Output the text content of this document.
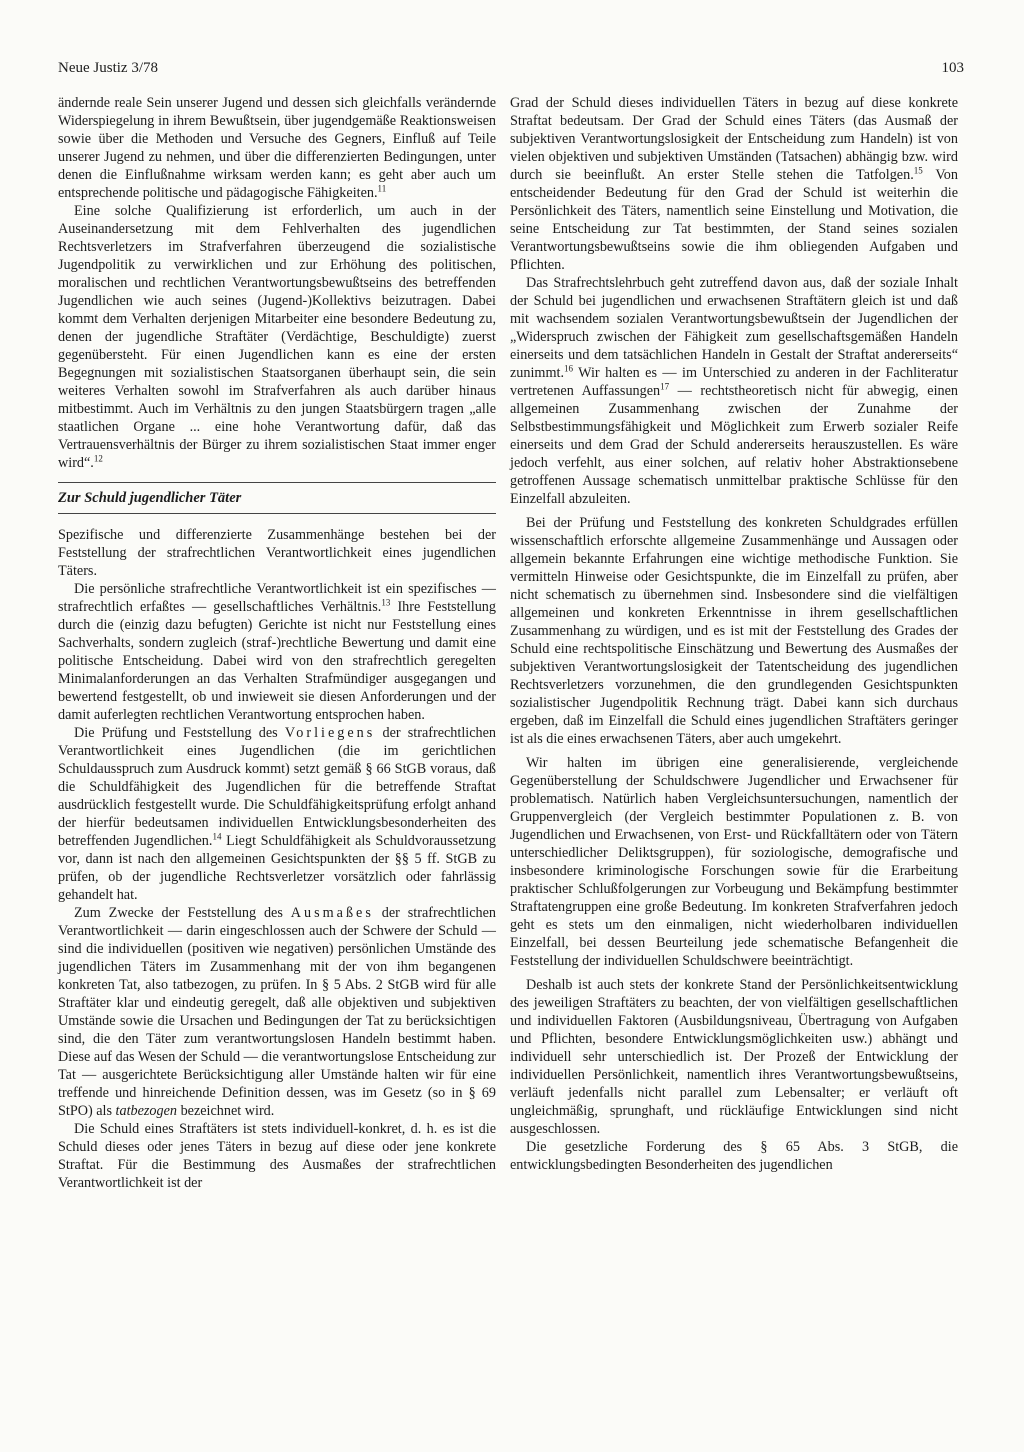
Neue Justiz 3/78	103

ändernde reale Sein unserer Jugend und dessen sich gleichfalls verändernde Widerspiegelung in ihrem Bewußtsein, über jugendgemäße Reaktionsweisen sowie über die Methoden und Versuche des Gegners, Einfluß auf Teile unserer Jugend zu nehmen, und über die differenzierten Bedingungen, unter denen die Einflußnahme wirksam werden kann; es geht aber auch um entsprechende politische und pädagogische Fähigkeiten.$^{11}$

Eine solche Qualifizierung ist erforderlich, um auch in der Auseinandersetzung mit dem Fehlverhalten des jugendlichen Rechtsverletzers im Strafverfahren überzeugend die sozialistische Jugendpolitik zu verwirklichen und zur Erhöhung des politischen, moralischen und rechtlichen Verantwortungsbewußtseins des betreffenden Jugendlichen wie auch seines (Jugend-)Kollektivs beizutragen. Dabei kommt dem Verhalten derjenigen Mitarbeiter eine besondere Bedeutung zu, denen der jugendliche Straftäter (Verdächtige, Beschuldigte) zuerst gegenübersteht. Für einen Jugendlichen kann es eine der ersten Begegnungen mit sozialistischen Staatsorganen überhaupt sein, die sein weiteres Verhalten sowohl im Strafverfahren als auch darüber hinaus mitbestimmt. Auch im Verhältnis zu den jungen Staatsbürgern tragen „alle staatlichen Organe ... eine hohe Verantwortung dafür, daß das Vertrauensverhältnis der Bürger zu ihrem sozialistischen Staat immer enger wird“.$^{12}$

Zur Schuld jugendlicher Täter

Spezifische und differenzierte Zusammenhänge bestehen bei der Feststellung der strafrechtlichen Verantwortlichkeit eines jugendlichen Täters.

Die persönliche strafrechtliche Verantwortlichkeit ist ein spezifisches — strafrechtlich erfaßtes — gesellschaftliches Verhältnis.$^{13}$ Ihre Feststellung durch die (einzig dazu befugten) Gerichte ist nicht nur Feststellung eines Sachverhalts, sondern zugleich (straf-)rechtliche Bewertung und damit eine politische Entscheidung. Dabei wird von den strafrechtlich geregelten Minimalanforderungen an das Verhalten Strafmündiger ausgegangen und bewertend festgestellt, ob und inwieweit sie diesen Anforderungen und der damit auferlegten rechtlichen Verantwortung entsprochen haben.

Die Prüfung und Feststellung des Vorliegens der strafrechtlichen Verantwortlichkeit eines Jugendlichen (die im gerichtlichen Schuldausspruch zum Ausdruck kommt) setzt gemäß § 66 StGB voraus, daß die Schuldfähigkeit des Jugendlichen für die betreffende Straftat ausdrücklich festgestellt wurde. Die Schuldfähigkeitsprüfung erfolgt anhand der hierfür bedeutsamen individuellen Entwicklungsbesonderheiten des betreffenden Jugendlichen.$^{14}$ Liegt Schuldfähigkeit als Schuldvoraussetzung vor, dann ist nach den allgemeinen Gesichtspunkten der §§ 5 ff. StGB zu prüfen, ob der jugendliche Rechtsverletzer vorsätzlich oder fahrlässig gehandelt hat.

Zum Zwecke der Feststellung des Ausmaßes der strafrechtlichen Verantwortlichkeit — darin eingeschlossen auch der Schwere der Schuld — sind die individuellen (positiven wie negativen) persönlichen Umstände des jugendlichen Täters im Zusammenhang mit der von ihm begangenen konkreten Tat, also tatbezogen, zu prüfen. In § 5 Abs. 2 StGB wird für alle Straftäter klar und eindeutig geregelt, daß alle objektiven und subjektiven Umstände sowie die Ursachen und Bedingungen der Tat zu berücksichtigen sind, die den Täter zum verantwortungslosen Handeln bestimmt haben. Diese auf das Wesen der Schuld — die verantwortungslose Entscheidung zur Tat — ausgerichtete Berücksichtigung aller Umstände halten wir für eine treffende und hinreichende Definition dessen, was im Gesetz (so in § 69 StPO) als tatbezogen bezeichnet wird.

Die Schuld eines Straftäters ist stets individuell-konkret, d. h. es ist die Schuld dieses oder jenes Täters in bezug auf diese oder jene konkrete Straftat. Für die Bestimmung des Ausmaßes der strafrechtlichen Verantwortlichkeit ist der

Grad der Schuld dieses individuellen Täters in bezug auf diese konkrete Straftat bedeutsam. Der Grad der Schuld eines Täters (das Ausmaß der subjektiven Verantwortungslosigkeit der Entscheidung zum Handeln) ist von vielen objektiven und subjektiven Umständen (Tatsachen) abhängig bzw. wird durch sie beeinflußt. An erster Stelle stehen die Tatfolgen.$^{15}$ Von entscheidender Bedeutung für den Grad der Schuld ist weiterhin die Persönlichkeit des Täters, namentlich seine Einstellung und Motivation, die seine Entscheidung zur Tat bestimmten, der Stand seines sozialen Verantwortungsbewußtseins sowie die ihm obliegenden Aufgaben und Pflichten.

Das Strafrechtslehrbuch geht zutreffend davon aus, daß der soziale Inhalt der Schuld bei jugendlichen und erwachsenen Straftätern gleich ist und daß mit wachsendem sozialen Verantwortungsbewußtsein der Jugendlichen der „Widerspruch zwischen der Fähigkeit zum gesellschaftsgemäßen Handeln einerseits und dem tatsächlichen Handeln in Gestalt der Straftat andererseits“ zunimmt.$^{16}$ Wir halten es — im Unterschied zu anderen in der Fachliteratur vertretenen Auffassungen$^{17}$ — rechtstheoretisch nicht für abwegig, einen allgemeinen Zusammenhang zwischen der Zunahme der Selbstbestimmungsfähigkeit und Möglichkeit zum Erwerb sozialer Reife einerseits und dem Grad der Schuld andererseits herauszustellen. Es wäre jedoch verfehlt, aus einer solchen, auf relativ hoher Abstraktionsebene getroffenen Aussage schematisch unmittelbar praktische Schlüsse für den Einzelfall abzuleiten.

Bei der Prüfung und Feststellung des konkreten Schuldgrades erfüllen wissenschaftlich erforschte allgemeine Zusammenhänge und Aussagen oder allgemein bekannte Erfahrungen eine wichtige methodische Funktion. Sie vermitteln Hinweise oder Gesichtspunkte, die im Einzelfall zu prüfen, aber nicht schematisch zu übernehmen sind. Insbesondere sind die vielfältigen allgemeinen und konkreten Erkenntnisse in ihrem gesellschaftlichen Zusammenhang zu würdigen, und es ist mit der Feststellung des Grades der Schuld eine rechtspolitische Einschätzung und Bewertung des Ausmaßes der subjektiven Verantwortungslosigkeit der Tatentscheidung des jugendlichen Rechtsverletzers vorzunehmen, die den grundlegenden Gesichtspunkten sozialistischer Jugendpolitik Rechnung trägt. Dabei kann sich durchaus ergeben, daß im Einzelfall die Schuld eines jugendlichen Straftäters geringer ist als die eines erwachsenen Täters, aber auch umgekehrt.

Wir halten im übrigen eine generalisierende, vergleichende Gegenüberstellung der Schuldschwere Jugendlicher und Erwachsener für problematisch. Natürlich haben Vergleichsuntersuchungen, namentlich der Gruppenvergleich (der Vergleich bestimmter Populationen z. B. von Jugendlichen und Erwachsenen, von Erst- und Rückfalltätern oder von Tätern unterschiedlicher Deliktsgruppen), für soziologische, demografische und insbesondere kriminologische Forschungen sowie für die Erarbeitung praktischer Schlußfolgerungen zur Vorbeugung und Bekämpfung bestimmter Straftatengruppen eine große Bedeutung. Im konkreten Strafverfahren jedoch geht es stets um den einmaligen, nicht wiederholbaren individuellen Einzelfall, bei dessen Beurteilung jede schematische Befangenheit die Feststellung der individuellen Schuldschwere beeinträchtigt.

Deshalb ist auch stets der konkrete Stand der Persönlichkeitsentwicklung des jeweiligen Straftäters zu beachten, der von vielfältigen gesellschaftlichen und individuellen Faktoren (Ausbildungsniveau, Übertragung von Aufgaben und Pflichten, besondere Entwicklungsmöglichkeiten usw.) abhängt und individuell sehr unterschiedlich ist. Der Prozeß der Entwicklung der individuellen Persönlichkeit, namentlich ihres Verantwortungsbewußtseins, verläuft jedenfalls nicht parallel zum Lebensalter; er verläuft oft ungleichmäßig, sprunghaft, und rückläufige Entwicklungen sind nicht ausgeschlossen.

Die gesetzliche Forderung des § 65 Abs. 3 StGB, die entwicklungsbedingten Besonderheiten des jugendlichen
